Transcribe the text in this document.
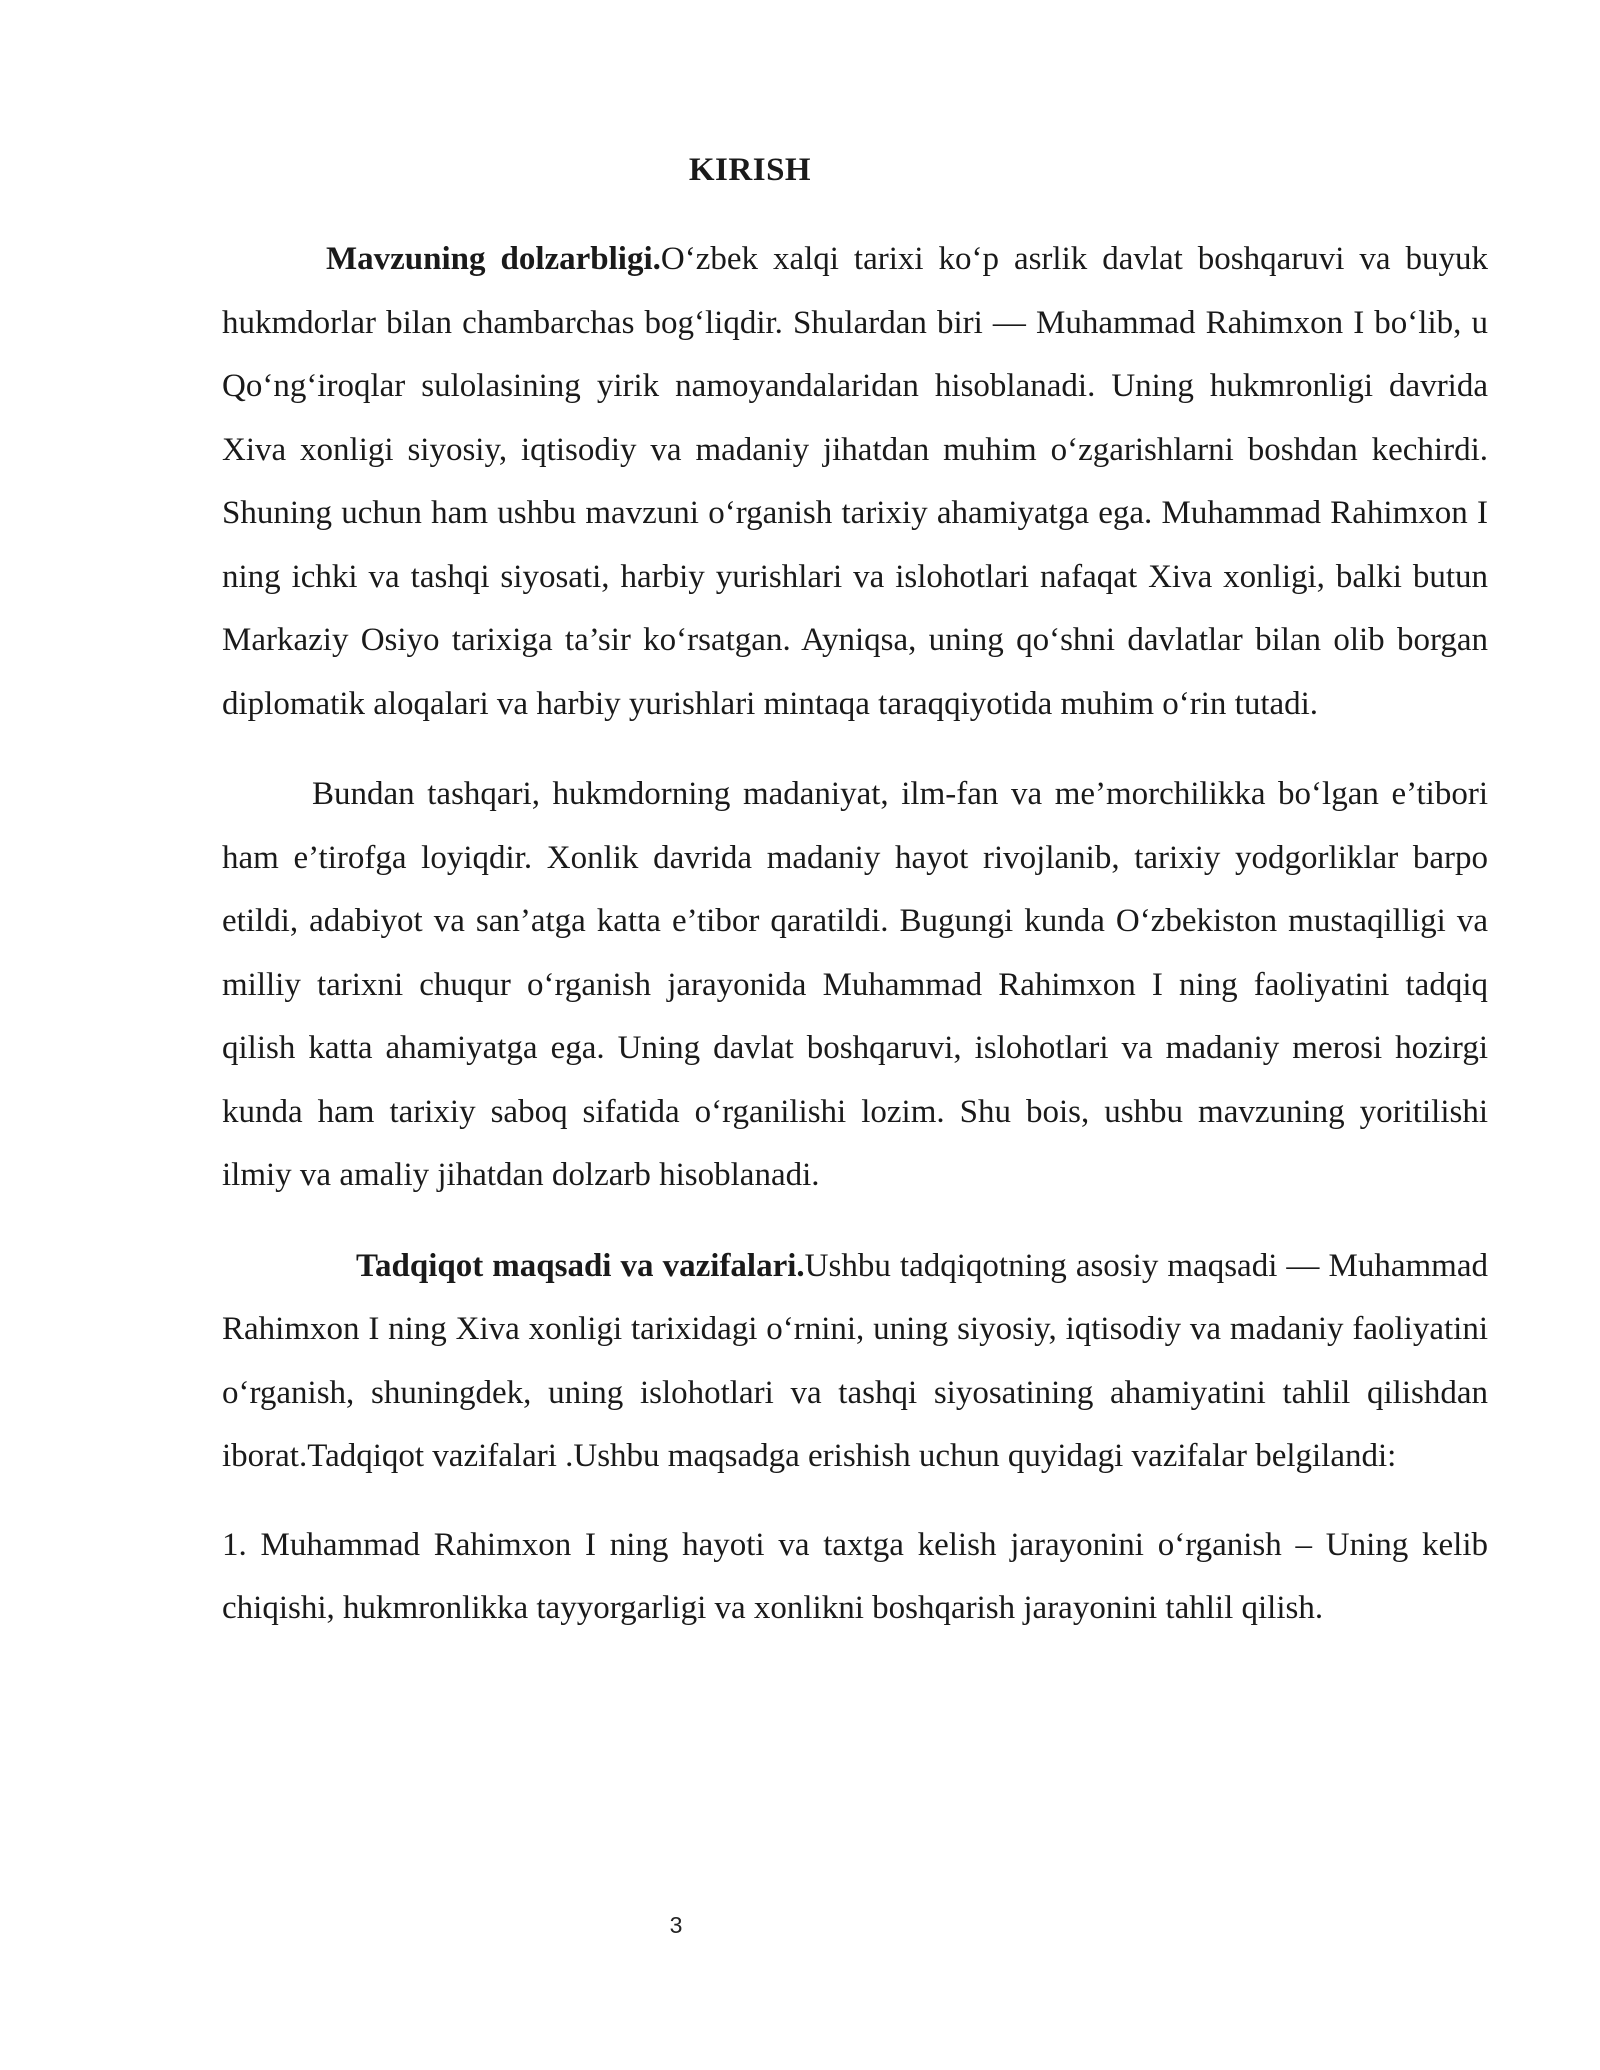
KIRISH

Mavzuning dolzarbligi.O‘zbek xalqi tarixi ko‘p asrlik davlat boshqaruvi va buyuk hukmdorlar bilan chambarchas bog‘liqdir. Shulardan biri — Muhammad Rahimxon I bo‘lib, u Qo‘ng‘iroqlar sulolasining yirik namoyandalaridan hisoblanadi. Uning hukmronligi davrida Xiva xonligi siyosiy, iqtisodiy va madaniy jihatdan muhim o‘zgarishlarni boshdan kechirdi. Shuning uchun ham ushbu mavzuni o‘rganish tarixiy ahamiyatga ega. Muhammad Rahimxon I ning ichki va tashqi siyosati, harbiy yurishlari va islohotlari nafaqat Xiva xonligi, balki butun Markaziy Osiyo tarixiga ta’sir ko‘rsatgan. Ayniqsa, uning qo‘shni davlatlar bilan olib borgan diplomatik aloqalari va harbiy yurishlari mintaqa taraqqiyotida muhim o‘rin tutadi.

Bundan tashqari, hukmdorning madaniyat, ilm-fan va me’morchilikka bo‘lgan e’tibori ham e’tirofga loyiqdir. Xonlik davrida madaniy hayot rivojlanib, tarixiy yodgorliklar barpo etildi, adabiyot va san’atga katta e’tibor qaratildi. Bugungi kunda O‘zbekiston mustaqilligi va milliy tarixni chuqur o‘rganish jarayonida Muhammad Rahimxon I ning faoliyatini tadqiq qilish katta ahamiyatga ega. Uning davlat boshqaruvi, islohotlari va madaniy merosi hozirgi kunda ham tarixiy saboq sifatida o‘rganilishi lozim. Shu bois, ushbu mavzuning yoritilishi ilmiy va amaliy jihatdan dolzarb hisoblanadi.

Tadqiqot maqsadi va vazifalari.Ushbu tadqiqotning asosiy maqsadi — Muhammad Rahimxon I ning Xiva xonligi tarixidagi o‘rnini, uning siyosiy, iqtisodiy va madaniy faoliyatini o‘rganish, shuningdek, uning islohotlari va tashqi siyosatining ahamiyatini tahlil qilishdan iborat.Tadqiqot vazifalari .Ushbu maqsadga erishish uchun quyidagi vazifalar belgilandi:

1. Muhammad Rahimxon I ning hayoti va taxtga kelish jarayonini o‘rganish – Uning kelib chiqishi, hukmronlikka tayyorgarligi va xonlikni boshqarish jarayonini tahlil qilish.

3
